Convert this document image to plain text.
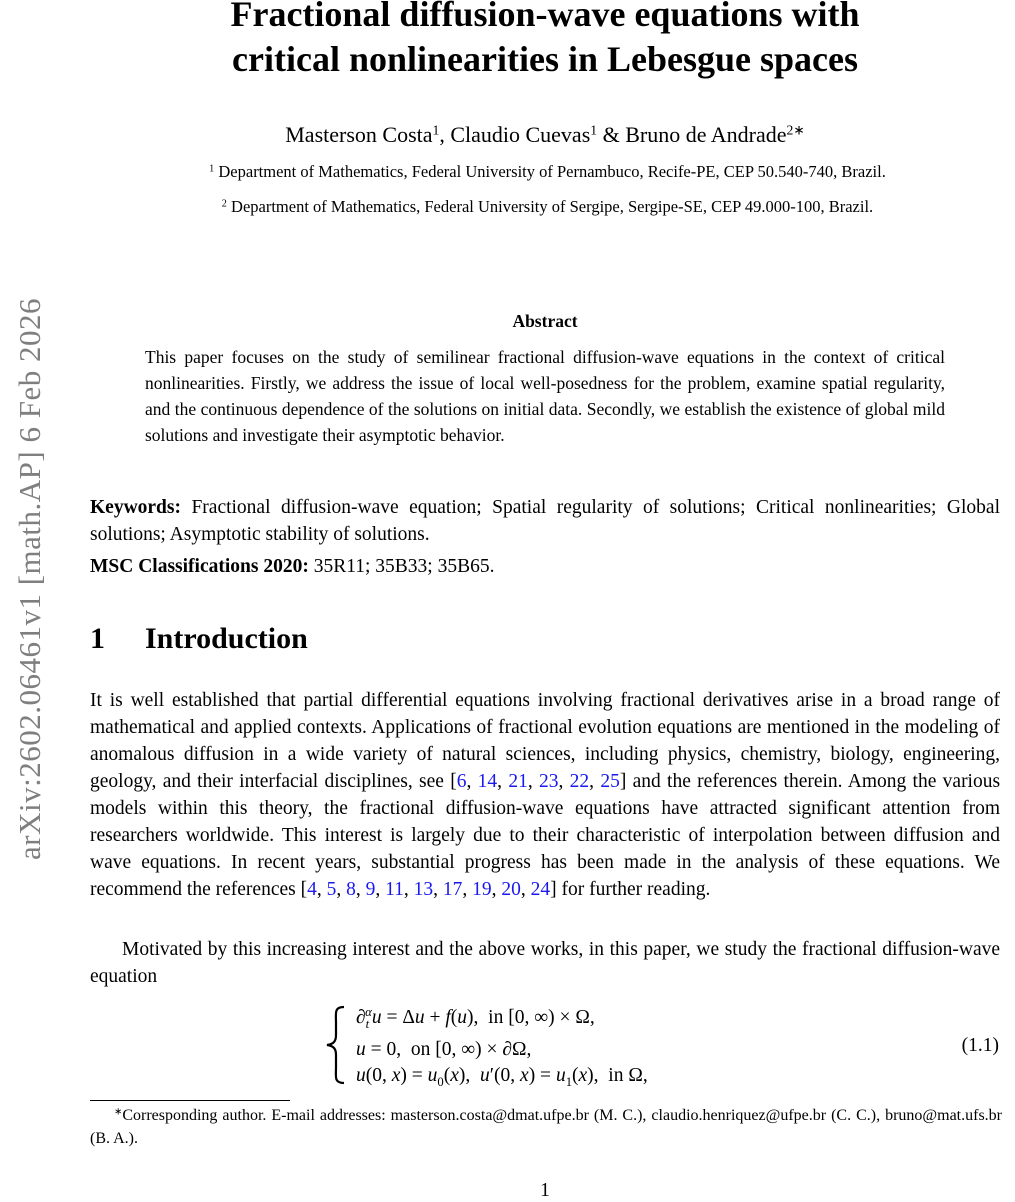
arXiv:2602.06461v1 [math.AP] 6 Feb 2026
Fractional diffusion-wave equations with
critical nonlinearities in Lebesgue spaces
Masterson Costa$^1$, Claudio Cuevas$^1$ & Bruno de Andrade$^{2∗}$
$^1$ Department of Mathematics, Federal University of Pernambuco, Recife-PE, CEP 50.540-740, Brazil.
$^2$ Department of Mathematics, Federal University of Sergipe, Sergipe-SE, CEP 49.000-100, Brazil.
Abstract
This paper focuses on the study of semilinear fractional diffusion-wave equations in the context of critical nonlinearities. Firstly, we address the issue of local well-posedness for the problem, examine spatial regularity, and the continuous dependence of the solutions on initial data. Secondly, we establish the existence of global mild solutions and investigate their asymptotic behavior.
Keywords: Fractional diffusion-wave equation; Spatial regularity of solutions; Critical nonlinearities; Global solutions; Asymptotic stability of solutions.
MSC Classifications 2020: 35R11; 35B33; 35B65.
1 Introduction
It is well established that partial differential equations involving fractional derivatives arise in a broad range of mathematical and applied contexts. Applications of fractional evolution equations are mentioned in the modeling of anomalous diffusion in a wide variety of natural sciences, including physics, chemistry, biology, engineering, geology, and their interfacial disciplines, see [6, 14, 21, 23, 22, 25] and the references therein. Among the various models within this theory, the fractional diffusion-wave equations have attracted significant attention from researchers worldwide. This interest is largely due to their characteristic of interpolation between diffusion and wave equations. In recent years, substantial progress has been made in the analysis of these equations. We recommend the references [4, 5, 8, 9, 11, 13, 17, 19, 20, 24] for further reading.
Motivated by this increasing interest and the above works, in this paper, we study the fractional diffusion-wave equation
$\partial_t^\alpha u = \Delta u + f(u)$,  in [0, ∞) × Ω,
u = 0,  on [0, ∞) × ∂Ω,
u(0, $x) = u_0(x)$,  u′(0, $x) = u_1(x)$,  in Ω,
(1.1)
∗Corresponding author. E-mail addresses: masterson.costa@dmat.ufpe.br (M. C.), claudio.henriquez@ufpe.br (C. C.), bruno@mat.ufs.br (B. A.).
1
